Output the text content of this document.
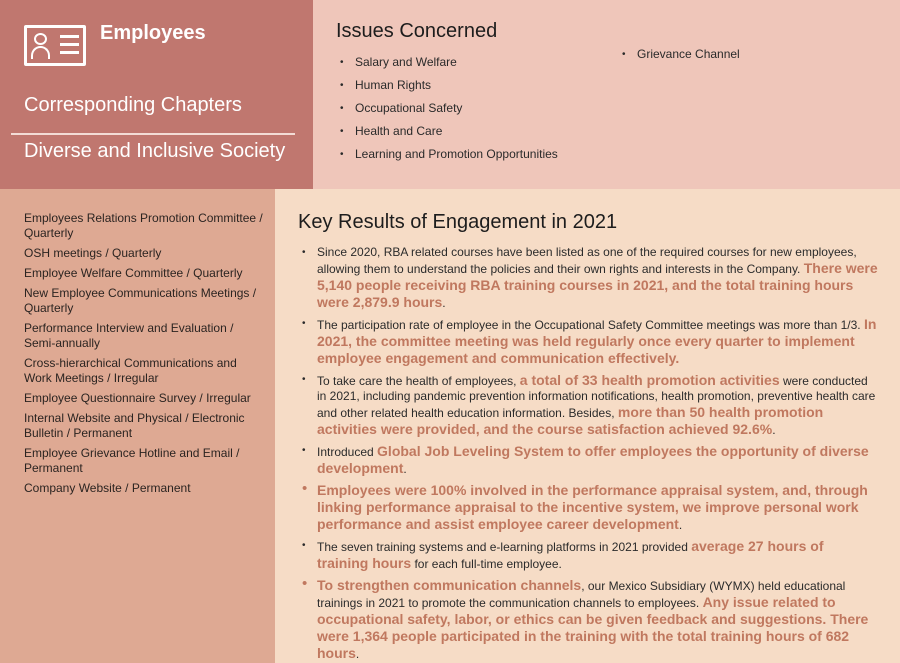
Employees
Corresponding Chapters
Diverse and Inclusive Society
Issues Concerned
• Salary and Welfare
• Human Rights
• Occupational Safety
• Health and Care
• Learning and Promotion Opportunities
• Grievance Channel
Employees Relations Promotion Committee / Quarterly
OSH meetings / Quarterly
Employee Welfare Committee / Quarterly
New Employee Communications Meetings / Quarterly
Performance Interview and Evaluation / Semi-annually
Cross-hierarchical Communications and Work Meetings / Irregular
Employee Questionnaire Survey / Irregular
Internal Website and Physical / Electronic Bulletin / Permanent
Employee Grievance Hotline and Email / Permanent
Company Website / Permanent
Key Results of Engagement in 2021
• Since 2020, RBA related courses have been listed as one of the required courses for new employees, allowing them to understand the policies and their own rights and interests in the Company. There were 5,140 people receiving RBA training courses in 2021, and the total training hours were 2,879.9 hours.
• The participation rate of employee in the Occupational Safety Committee meetings was more than 1/3. In 2021, the committee meeting was held regularly once every quarter to implement employee engagement and communication effectively.
• To take care the health of employees, a total of 33 health promotion activities were conducted in 2021, including pandemic prevention information notifications, health promotion, preventive health care and other related health education information. Besides, more than 50 health promotion activities were provided, and the course satisfaction achieved 92.6%.
• Introduced Global Job Leveling System to offer employees the opportunity of diverse development.
• Employees were 100% involved in the performance appraisal system, and, through linking performance appraisal to the incentive system, we improve personal work performance and assist employee career development.
• The seven training systems and e-learning platforms in 2021 provided average 27 hours of training hours for each full-time employee.
• To strengthen communication channels, our Mexico Subsidiary (WYMX) held educational trainings in 2021 to promote the communication channels to employees. Any issue related to occupational safety, labor, or ethics can be given feedback and suggestions. There were 1,364 people participated in the training with the total training hours of 682 hours.
